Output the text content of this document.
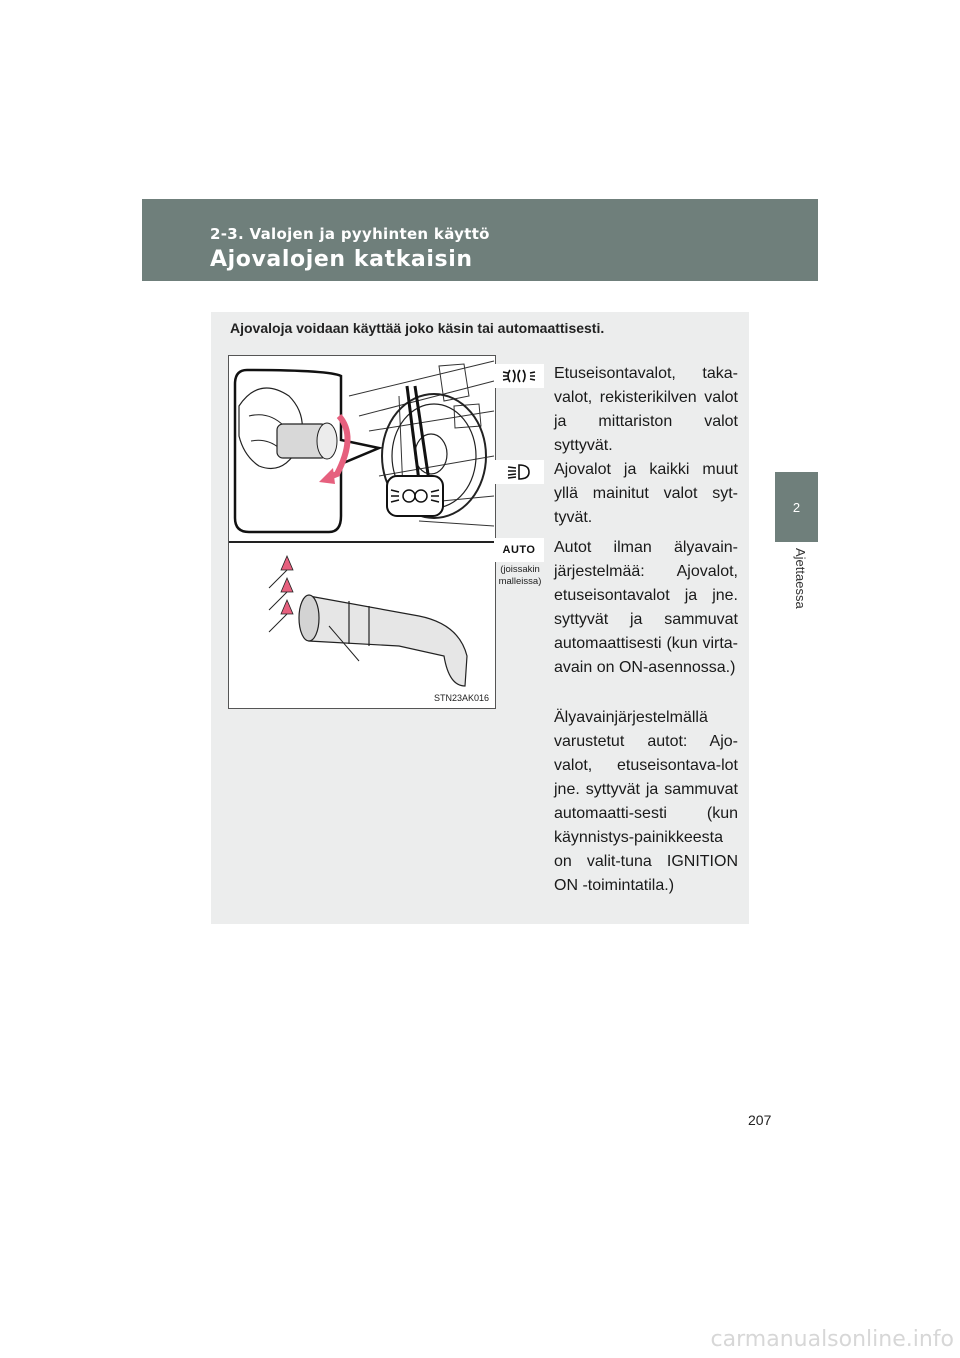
2-3. Valojen ja pyyhinten käyttö
Ajovalojen katkaisin
2
Ajettaessa
Ajovaloja voidaan käyttää joko käsin tai automaattisesti.
STN23AK016
Etuseisontavalot, taka-valot, rekisterikilven valot ja mittariston valot syttyvät.
Ajovalot ja kaikki muut yllä mainitut valot syt-tyvät.
AUTO
(joissakin malleissa)
Autot ilman älyavain-järjestelmää: Ajovalot, etuseisontavalot ja jne. syttyvät ja sammuvat automaattisesti (kun virta-avain on ON-asennossa.)
Älyavainjärjestelmällä varustetut autot: Ajo-valot, etuseisontava-lot jne. syttyvät ja sammuvat automaatti-sesti (kun käynnistys-painikkeesta on valit-tuna IGNITION ON -toimintatila.)
207
carmanualsonline.info
